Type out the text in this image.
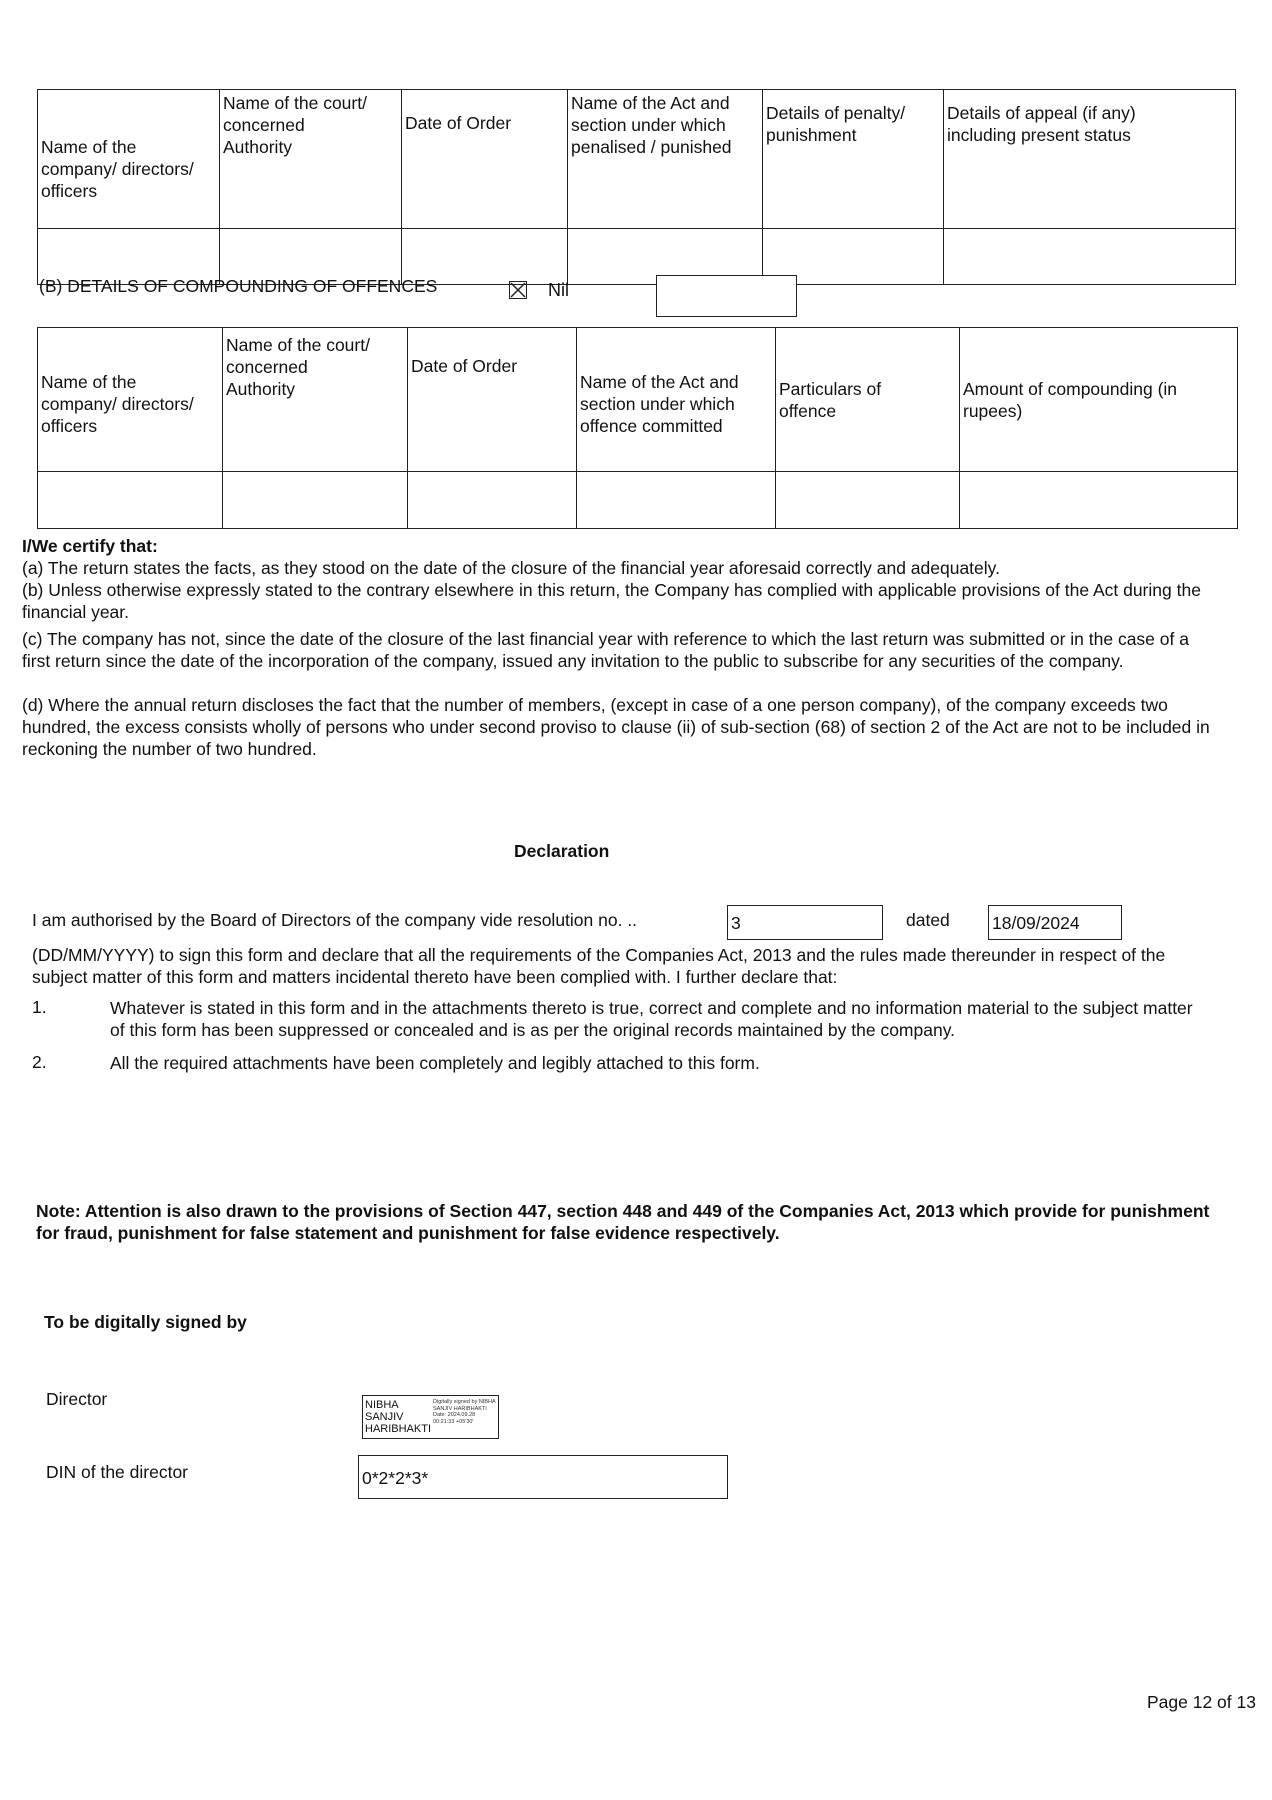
Name of the
company/ directors/
officers	Name of the court/
concerned
Authority	Date of Order	Name of the Act and
section under which
penalised / punished	Details of penalty/
punishment	Details of appeal (if any)
including present status

(B) DETAILS OF COMPOUNDING OF OFFENCES	Nil
Name of the
company/ directors/
officers	Name of the court/
concerned
Authority	Date of Order	Name of the Act and
section under which
offence committed	Particulars of
offence	Amount of compounding (in
rupees)

I/We certify that:
(a) The return states the facts, as they stood on the date of the closure of the financial year aforesaid correctly and adequately.
(b) Unless otherwise expressly stated to the contrary elsewhere in this return, the Company has complied with applicable provisions of the Act during the financial year.
(c) The company has not, since the date of the closure of the last financial year with reference to which the last return was submitted or in the case of a first return since the date of the incorporation of the company, issued any invitation to the public to subscribe for any securities of the company.
(d) Where the annual return discloses the fact that the number of members, (except in case of a one person company), of the company exceeds two hundred, the excess consists wholly of persons who under second proviso to clause (ii) of sub-section (68) of section 2 of the Act are not to be included in reckoning the number of two hundred.
Declaration
I am authorised by the Board of Directors of the company vide resolution no. ..	3	dated 18/09/2024
(DD/MM/YYYY) to sign this form and declare that all the requirements of the Companies Act, 2013 and the rules made thereunder in respect of the subject matter of this form and matters incidental thereto have been complied with. I further declare that:
1.	Whatever is stated in this form and in the attachments thereto is true, correct and complete and no information material to the subject matter of this form has been suppressed or concealed and is as per the original records maintained by the company.
2.	All the required attachments have been completely and legibly attached to this form.
Note: Attention is also drawn to the provisions of Section 447, section 448 and 449 of the Companies Act, 2013 which provide for punishment for fraud, punishment for false statement and punishment for false evidence respectively.
To be digitally signed by
Director	NIBHA
SANJIV
HARIBHAKTI
Digitally signed by NIBHA SANJIV HARIBHAKTI Date: 2024.09.28 00:21:33 +05'30'
DIN of the director	0*2*2*3*
Page 12 of 13
